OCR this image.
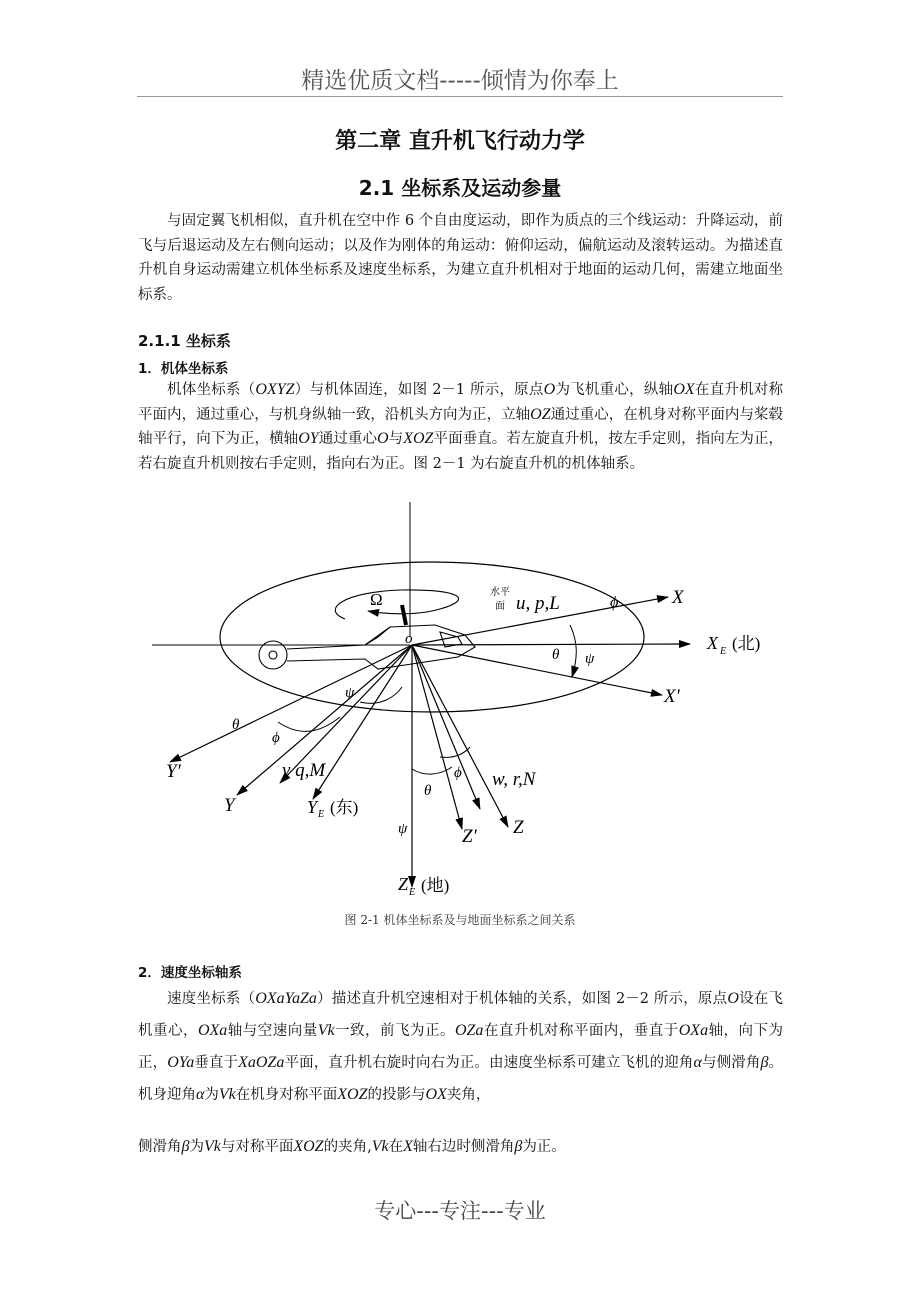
精选优质文档-----倾情为你奉上
第二章 直升机飞行动力学
2.1 坐标系及运动参量

与固定翼飞机相似，直升机在空中作 6 个自由度运动，即作为质点的三个线运动：升降运动，前飞与后退运动及左右侧向运动；以及作为刚体的角运动：俯仰运动，偏航运动及滚转运动。为描述直升机自身运动需建立机体坐标系及速度坐标系，为建立直升机相对于地面的运动几何，需建立地面坐标系。

2.1.1 坐标系
1．机体坐标系

机体坐标系（OXYZ）与机体固连，如图 2－1 所示，原点O为飞机重心，纵轴OX在直升机对称平面内，通过重心，与机身纵轴一致，沿机头方向为正，立轴OZ通过重心，在机身对称平面内与桨毂轴平行，向下为正，横轴OY通过重心O与XOZ平面垂直。若左旋直升机，按左手定则，指向左为正，若右旋直升机则按右手定则，指向右为正。图 2－1 为右旋直升机的机体轴系。

Ω
o
X
ϕ
水平
面 u, p,L
X E (北)
θ ψ
X′
ψ
θ
ϕ
Y′	v q,M
Y	Y E (东)
θ
ϕ w, r,N
ψ	Z′ Z
Z E (地)
图 2-1 机体坐标系及与地面坐标系之间关系
2．速度坐标轴系

速度坐标系（OXaYaZa）描述直升机空速相对于机体轴的关系，如图 2－2 所示，原点O设在飞机重心，OXa轴与空速向量Vk一致，前飞为正。OZa在直升机对称平面内，垂直于OXa轴，向下为正，OYa垂直于XaOZa平面，直升机右旋时向右为正。由速度坐标系可建立飞机的迎角α与侧滑角β。机身迎角α为Vk在机身对称平面XOZ的投影与OX夹角，

侧滑角β为Vk与对称平面XOZ的夹角,Vk在X轴右边时侧滑角β为正。

专心---专注---专业
